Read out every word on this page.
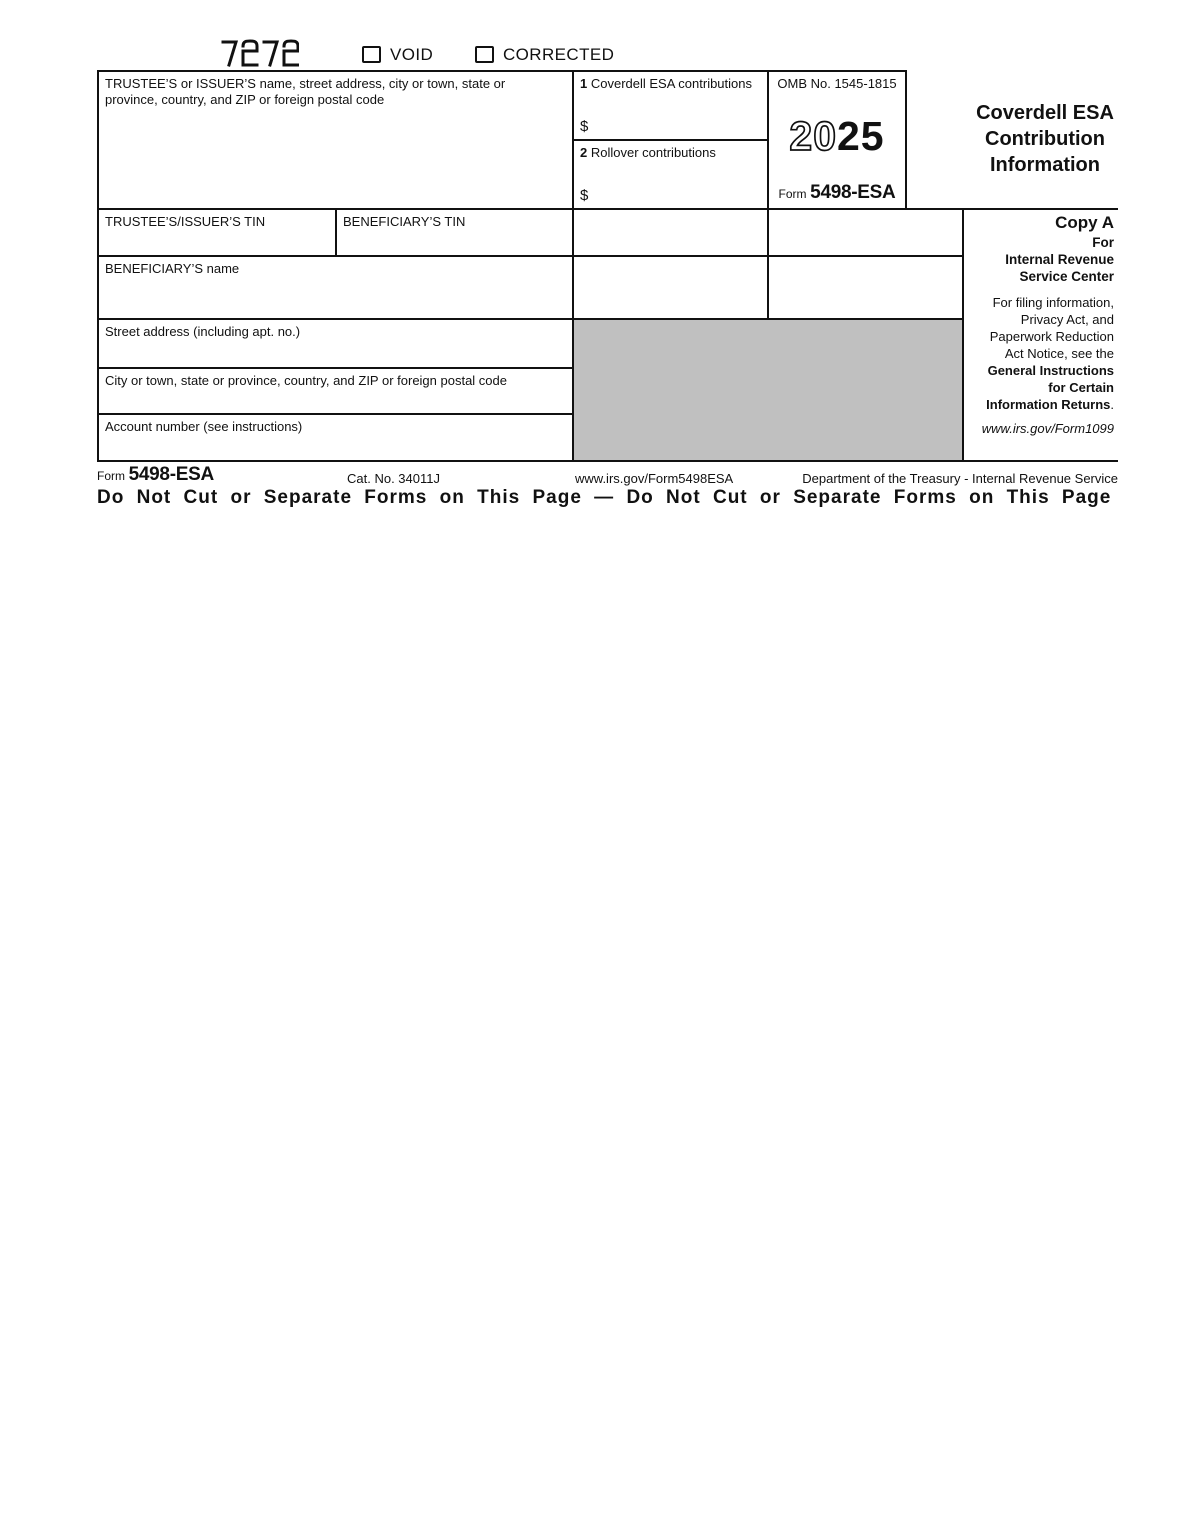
VOID	CORRECTED
TRUSTEE’S or ISSUER’S name, street address, city or town, state or province, country, and ZIP or foreign postal code
1 Coverdell ESA contributions
$
2 Rollover contributions
$
OMB No. 1545-1815
2025
Form 5498-ESA
Coverdell ESA
Contribution
Information
TRUSTEE’S/ISSUER’S TIN	BENEFICIARY’S TIN
BENEFICIARY’S name
Street address (including apt. no.)
City or town, state or province, country, and ZIP or foreign postal code
Account number (see instructions)
Copy A
For
Internal Revenue
Service Center
For filing information,
Privacy Act, and
Paperwork Reduction
Act Notice, see the
General Instructions
for Certain
Information Returns.
www.irs.gov/Form1099
Form 5498-ESA	Cat. No. 34011J	www.irs.gov/Form5498ESA	Department of the Treasury - Internal Revenue Service
Do Not Cut or Separate Forms on This Page — Do Not Cut or Separate Forms on This Page
